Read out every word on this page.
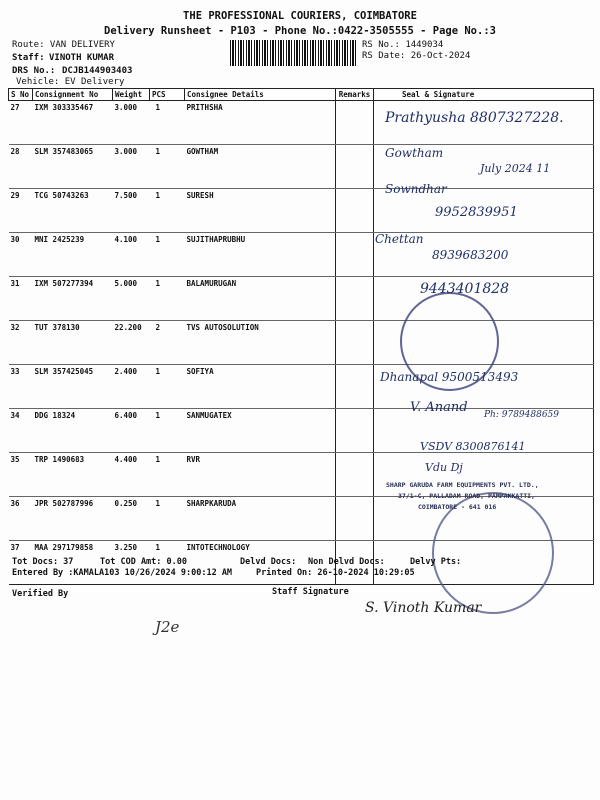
THE PROFESSIONAL COURIERS, COIMBATORE
Delivery Runsheet - P103 - Phone No.:0422-3505555 - Page No.:3
Route: VAN DELIVERY
Staff: VINOTH KUMAR
DRS No.: DCJB144903403
Vehicle: EV Delivery
RS No.: 1449034
RS Date: 26-Oct-2024
S No	Consignment No	Weight	PCS	Consignee Details	Remarks	Seal & Signature
27	IXM 303335467	3.000	1	PRITHSHA		
28	SLM 357483065	3.000	1	GOWTHAM		
29	TCG 50743263	7.500	1	SURESH		
30	MNI 2425239	4.100	1	SUJITHAPRUBHU		
31	IXM 507277394	5.000	1	BALAMURUGAN		
32	TUT 378130	22.200	2	TVS AUTOSOLUTION		
33	SLM 357425045	2.400	1	SOFIYA		
34	DDG 18324	6.400	1	SANMUGATEX		
35	TRP 1490683	4.400	1	RVR		
36	JPR 502787996	0.250	1	SHARPKARUDA		
37	MAA 297179858	3.250	1	INTOTECHNOLOGY		
Prathyusha 8807327228.
Gowtham
July 2024 11
Sowndhar
9952839951
Chettan
8939683200
9443401828
Dhanapal 9500513493
V. Anand Ph: 9789488659
VSDV 8300876141
Vdu Dj
SHARP GARUDA FARM EQUIPMENTS PVT. LTD.,
37/1-C, PALLADAM ROAD, PAMPAKKATTI,
COIMBATORE - 641 016
Tot Docs: 37	Tot COD Amt: 0.00	Delvd Docs: Non Delvd Docs:	Delvy Pts:
Entered By :KAMALA103 10/26/2024 9:00:12 AM	Printed On: 26-10-2024 10:29:05
Verified By	Staff Signature
J2e
S. Vinoth Kumar
